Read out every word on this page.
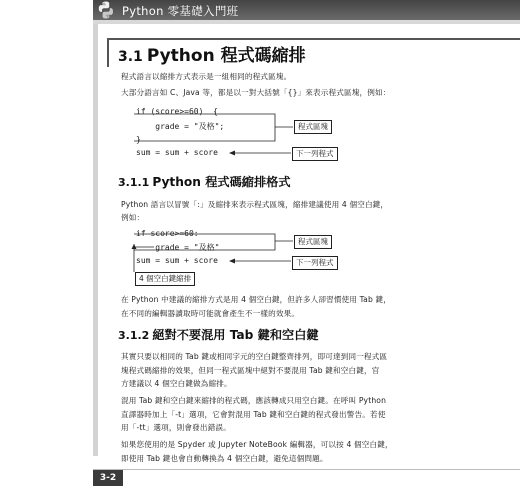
Python 零基礎入門班
3.1 Python 程式碼縮排
程式語言以縮排方式表示是一組相同的程式區塊。
大部分語言如 C、Java 等，都是以一對大括號「{}」來表示程式區塊，例如：
if (score>=60)  {
grade = "及格";
}
sum = sum + score
程式區塊
下一列程式
3.1.1 Python 程式碼縮排格式
Python 語言以冒號「:」及縮排來表示程式區塊，縮排建議使用 4 個空白鍵，
例如：
if score>=60:
grade = "及格"
sum = sum + score
程式區塊
下一列程式
4 個空白鍵縮排
在 Python 中建議的縮排方式是用 4 個空白鍵，但許多人卻習慣使用 Tab 鍵，
在不同的編輯器讀取時可能就會產生不一樣的效果。
3.1.2 絕對不要混用 Tab 鍵和空白鍵
其實只要以相同的 Tab 鍵或相同字元的空白鍵整齊排列，即可達到同一程式區
塊程式碼縮排的效果，但同一程式區塊中絕對不要混用 Tab 鍵和空白鍵，官
方建議以 4 個空白鍵做為縮排。
混用 Tab 鍵和空白鍵來縮排的程式碼，應該轉成只用空白鍵。在呼叫 Python
直譯器時加上「-t」選項，它會對混用 Tab 鍵和空白鍵的程式發出警告。若使
用「-tt」選項，則會發出錯誤。
如果您使用的是 Spyder 或 Jupyter NoteBook 編輯器，可以按 4 個空白鍵，
即使用 Tab 鍵也會自動轉換為 4 個空白鍵，避免這個問題。
3-2
